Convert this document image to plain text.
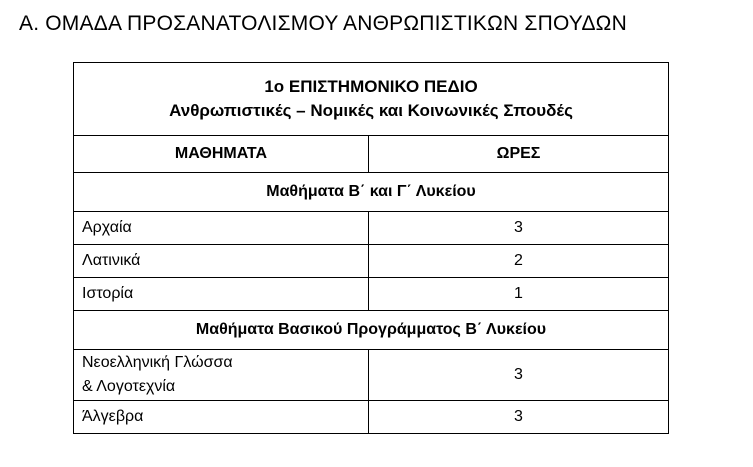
Α. ΟΜΑΔΑ ΠΡΟΣΑΝΑΤΟΛΙΣΜΟΥ ΑΝΘΡΩΠΙΣΤΙΚΩΝ ΣΠΟΥΔΩΝ
1ο ΕΠΙΣΤΗΜΟΝΙΚΟ ΠΕΔΙΟ
Ανθρωπιστικές – Νομικές και Κοινωνικές Σπουδές	

ΜΑΘΗΜΑΤΑ	ΩΡΕΣ
Μαθήματα Β΄ και Γ΄ Λυκείου	
Αρχαία	3
Λατινικά	2
Ιστορία	1
Μαθήματα Βασικού Προγράμματος Β΄ Λυκείου	

Νεοελληνική Γλώσσα
& Λογοτεχνία	3
Άλγεβρα	3
